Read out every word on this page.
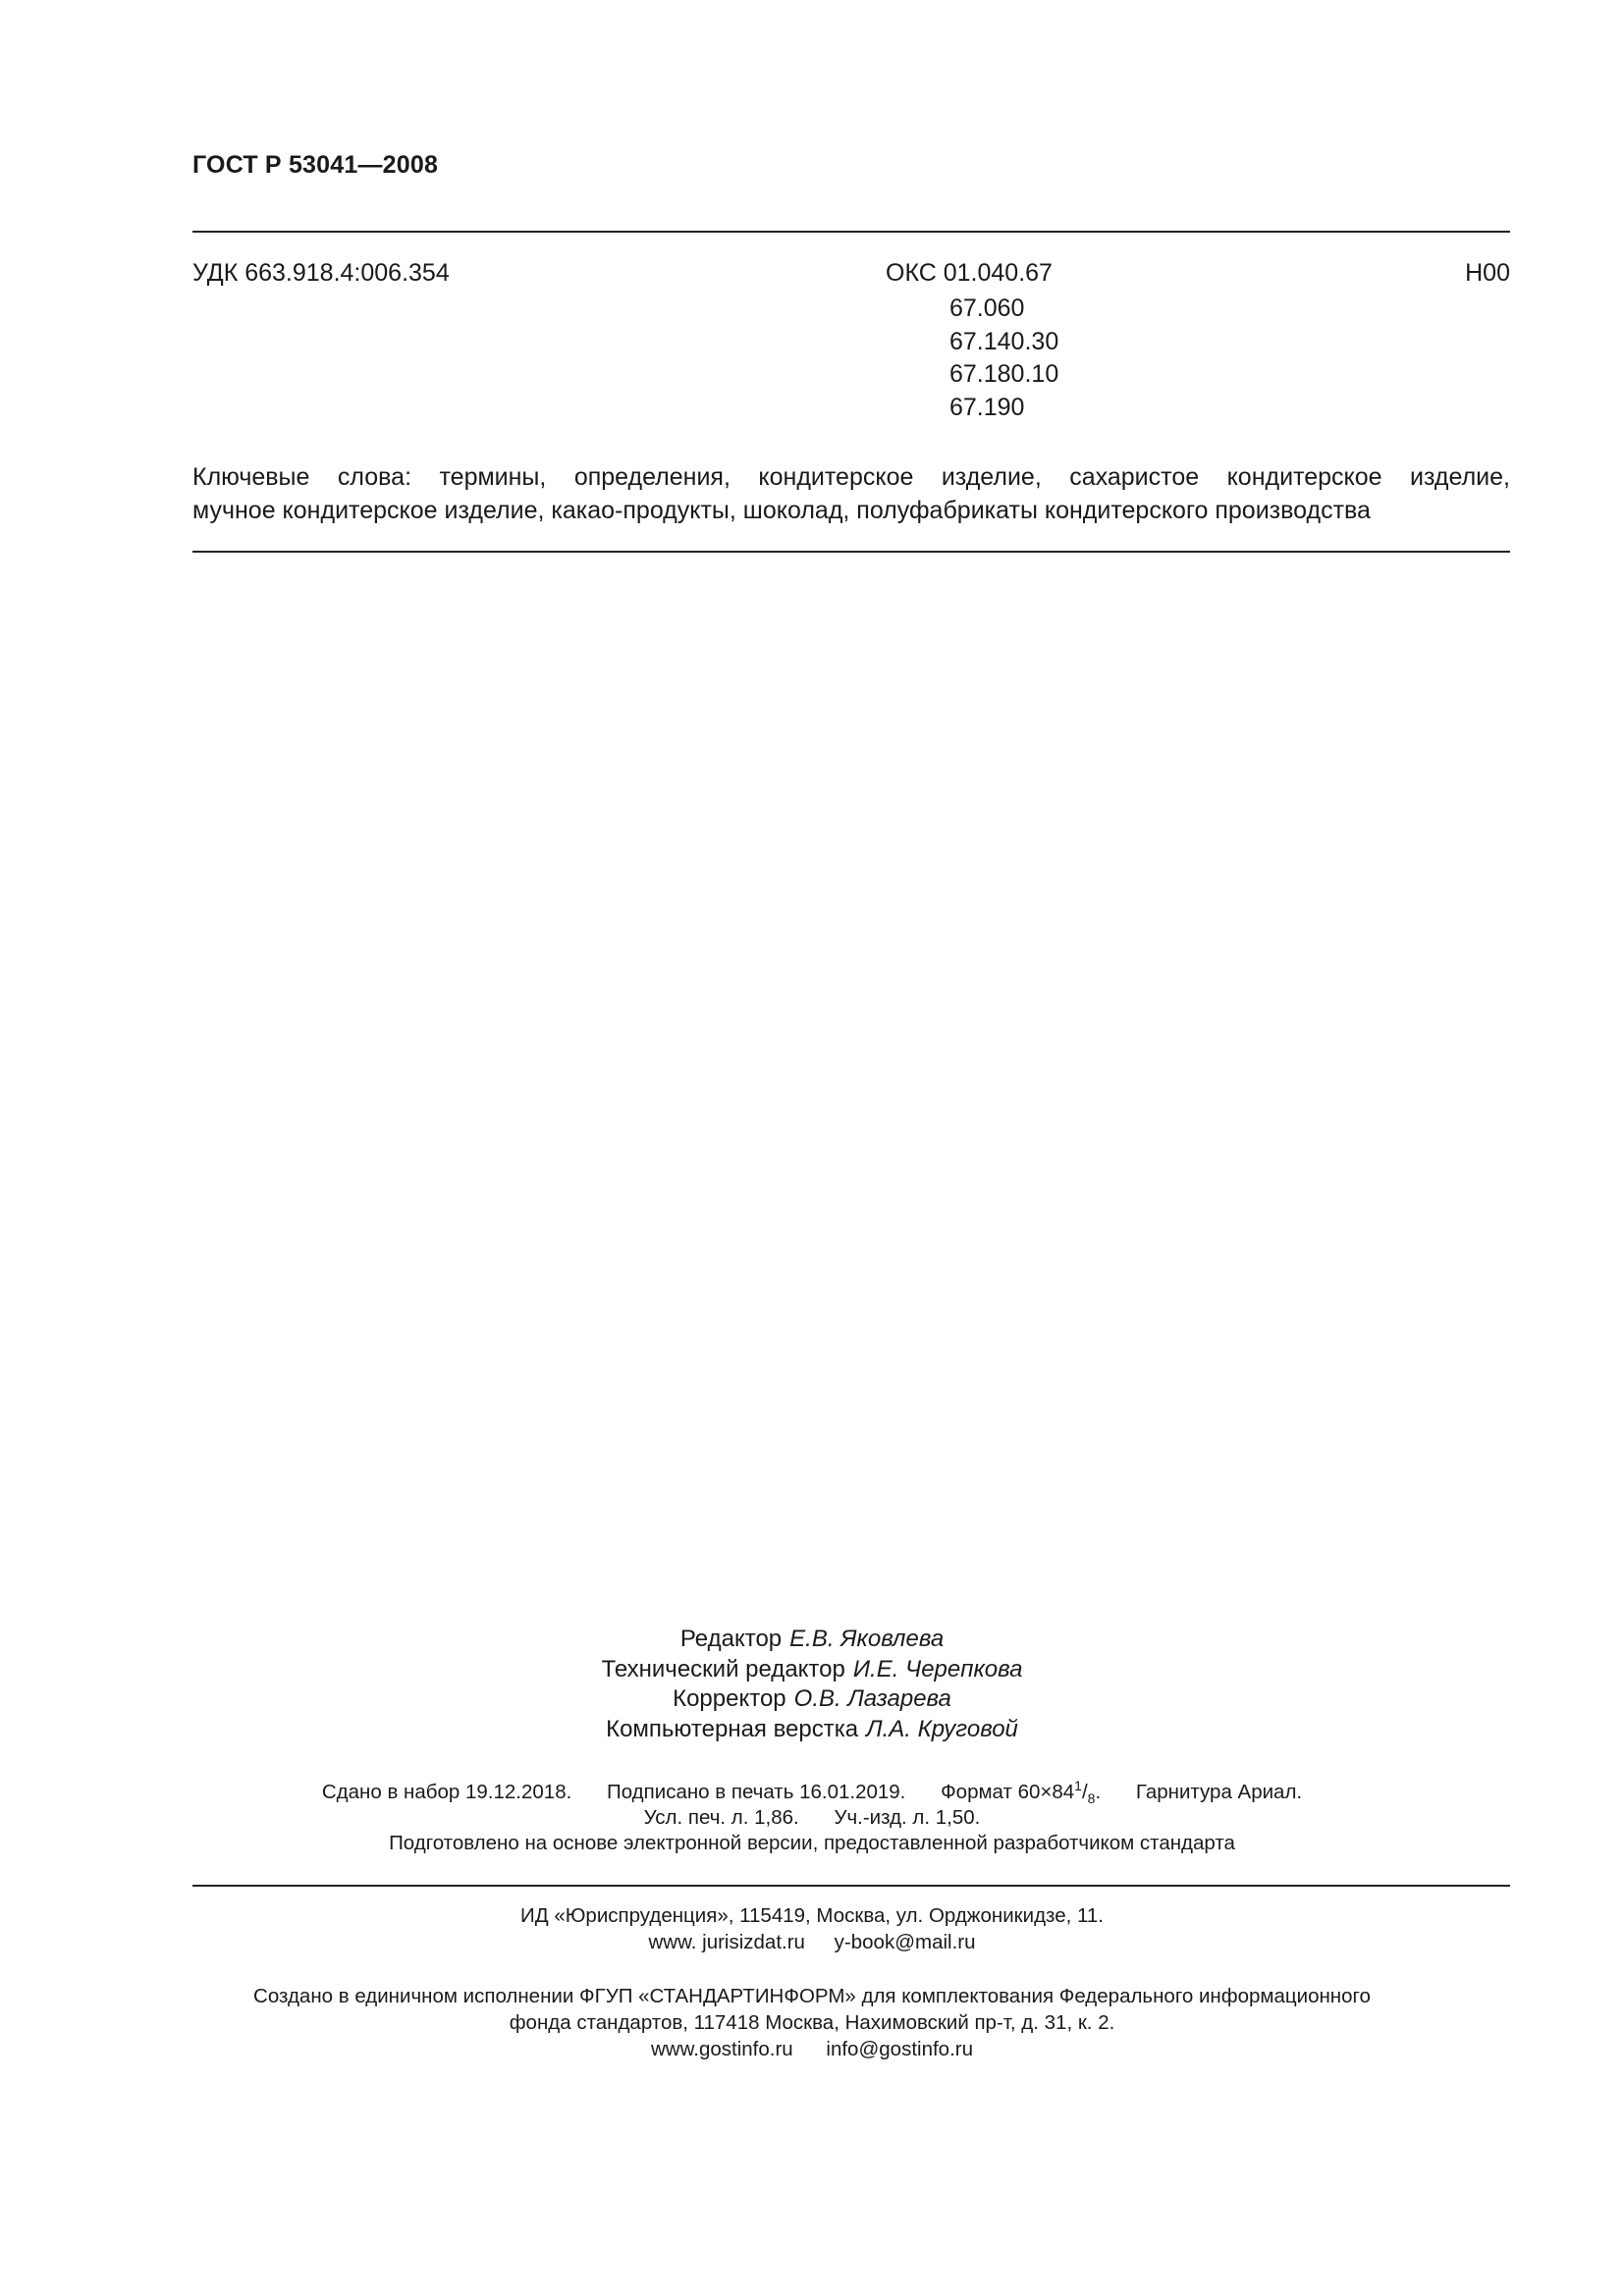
ГОСТ Р 53041—2008
УДК 663.918.4:006.354	ОКС 01.040.67
67.060
67.140.30
67.180.10
67.190
Н00
Ключевые слова: термины, определения, кондитерское изделие, сахаристое кондитерское изделие,
мучное кондитерское изделие, какао-продукты, шоколад, полуфабрикаты кондитерского производства
Редактор Е.В. Яковлева
Технический редактор И.Е. Черепкова
Корректор О.В. Лазарева
Компьютерная верстка Л.А. Круговой
Сдано в набор 19.12.2018. Подписано в печать 16.01.2019. Формат $60\times 84^1/_8$. Гарнитура Ариал.
Усл. печ. л. 1,86. Уч.-изд. л. 1,50.
Подготовлено на основе электронной версии, предоставленной разработчиком стандарта
ИД «Юриспруденция», 115419, Москва, ул. Орджоникидзе, 11.
www. jurisizdat.ru y-book@mail.ru
Создано в единичном исполнении ФГУП «СТАНДАРТИНФОРМ» для комплектования Федерального информационного
фонда стандартов, 117418 Москва, Нахимовский пр-т, д. 31, к. 2.
www.gostinfo.ru info@gostinfo.ru
